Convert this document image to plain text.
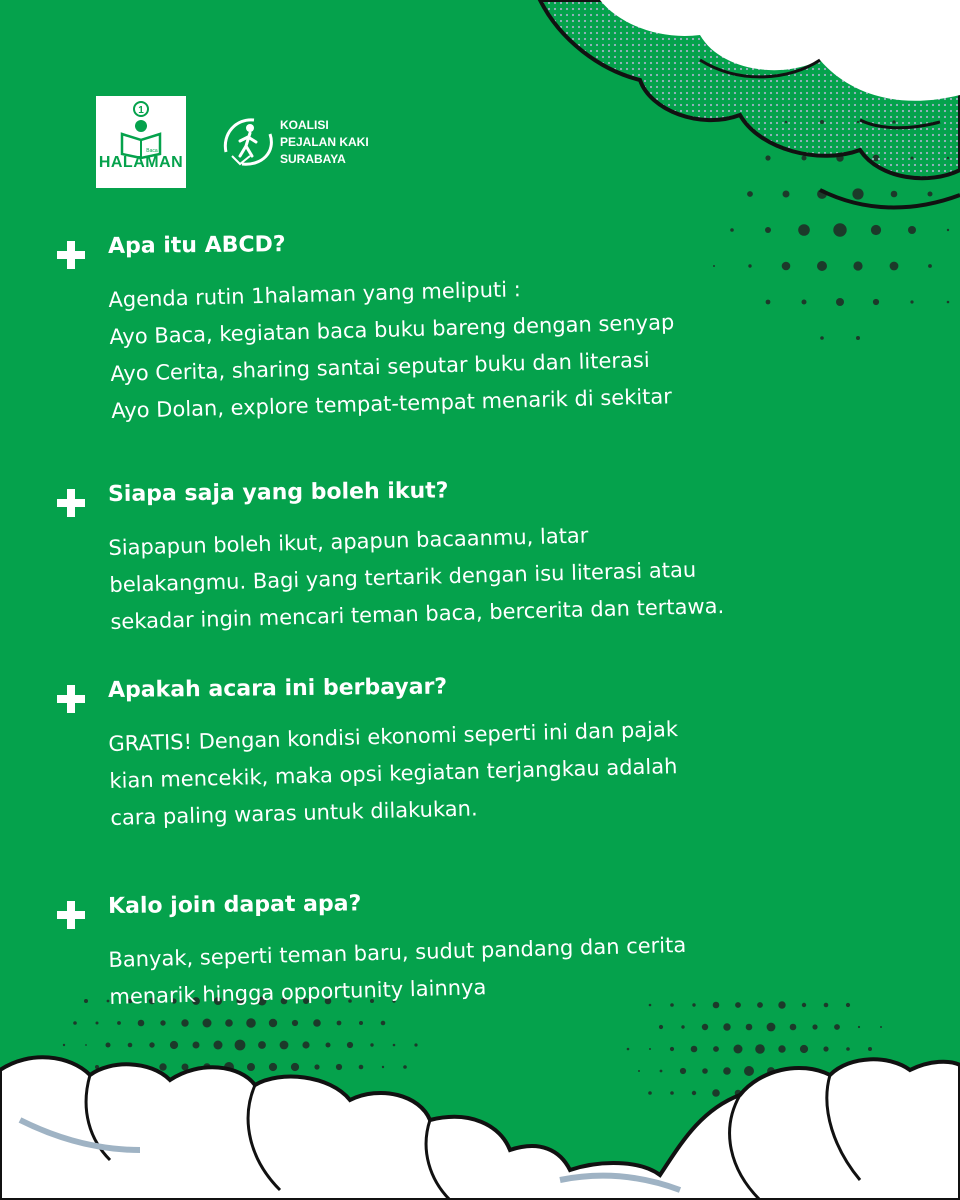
1
Baca
HALAMAN
KOALISI
PEJALAN KAKI
SURABAYA
Apa itu ABCD?
Agenda rutin 1halaman yang meliputi :
Ayo Baca, kegiatan baca buku bareng dengan senyap
Ayo Cerita, sharing santai seputar buku dan literasi
Ayo Dolan, explore tempat-tempat menarik di sekitar
Siapa saja yang boleh ikut?
Siapapun boleh ikut, apapun bacaanmu, latar
belakangmu. Bagi yang tertarik dengan isu literasi atau
sekadar ingin mencari teman baca, bercerita dan tertawa.
Apakah acara ini berbayar?
GRATIS! Dengan kondisi ekonomi seperti ini dan pajak
kian mencekik, maka opsi kegiatan terjangkau adalah
cara paling waras untuk dilakukan.
Kalo join dapat apa?
Banyak, seperti teman baru, sudut pandang dan cerita
menarik hingga opportunity lainnya
